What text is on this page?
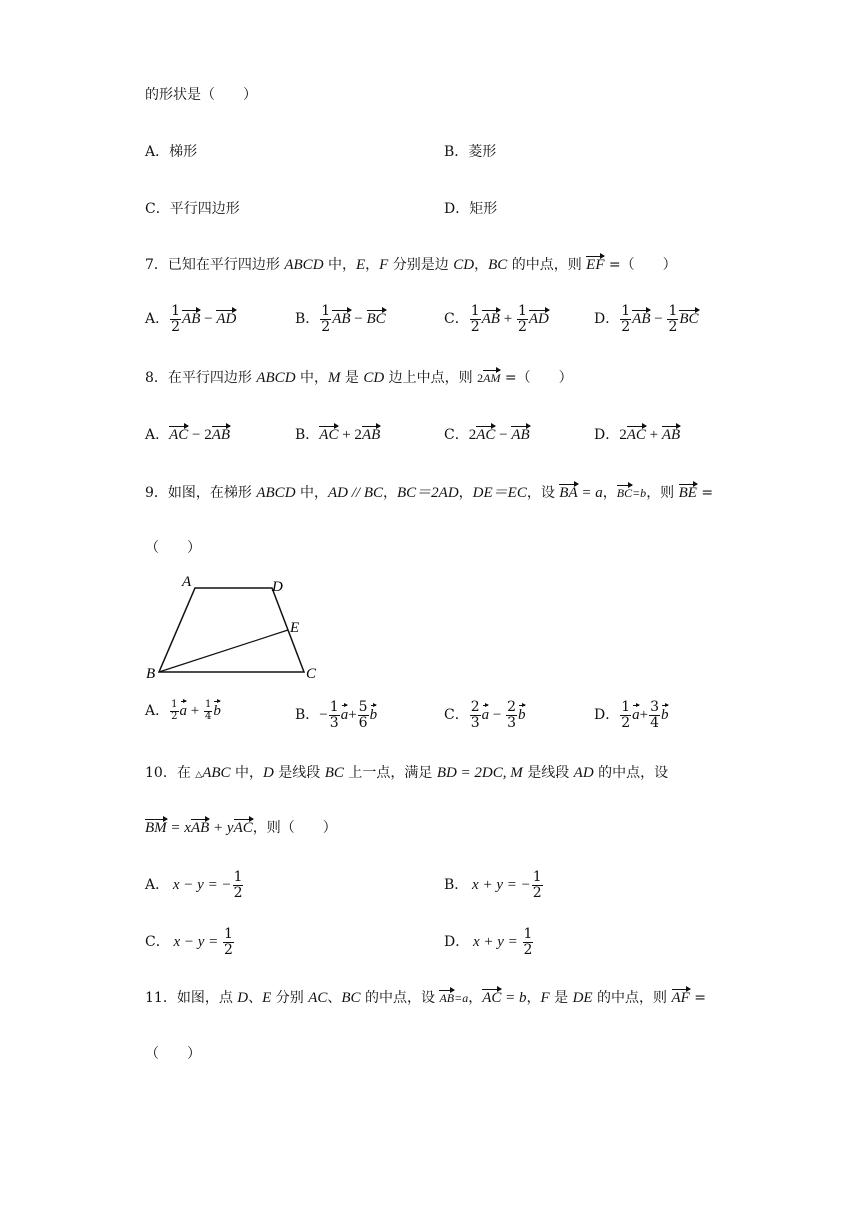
的形状是（　　）
A．梯形	B．菱形
C．平行四边形	D．矩形
7．已知在平行四边形 ABCD 中，E，F 分别是边 CD，BC 的中点，则 EF =（　　）
A． $\frac{1}{2}$ AB − AD	B． $\frac{1}{2}$ AB − BC	C． $\frac{1}{2}$ AB + $\frac{1}{2}$ AD	D． $\frac{1}{2}$ AB − $\frac{1}{2}$ BC
8．在平行四边形 ABCD 中，M 是 CD 边上中点，则 2AM =（　　）
A．AC − 2AB	B．AC + 2AB	C．2AC − AB	D．2AC + AB
9．如图，在梯形 ABCD 中，AD // BC，BC＝2AD，DE＝EC，设 BA = a，BC=b，则 BE =
（　　）
A	D
E
B	C
A． $\frac{1}{2}$ $a + \frac{1}{4}$ b	B．− $\frac{1}{3} a+ \frac{5}{6}$ b	C． $\frac{2}{3}$ $a - \frac{2}{3}$ b	D． $\frac{1}{2} a+ \frac{3}{4}$ b
10．在 △ABC 中，D 是线段 BC 上一点，满足 BD = 2DC, M 是线段 AD 的中点，设
BM = xAB + yAC，则（　　）
A． x − y = − $\frac{1}{2}$	B． x + y = − $\frac{1}{2}$
C． $x - y = \frac{1}{2}$	D． $x + y = \frac{1}{2}$
11．如图，点 D、E 分别 AC、BC 的中点，设 AB=a，AC = b，F 是 DE 的中点，则 AF =
（　　）
